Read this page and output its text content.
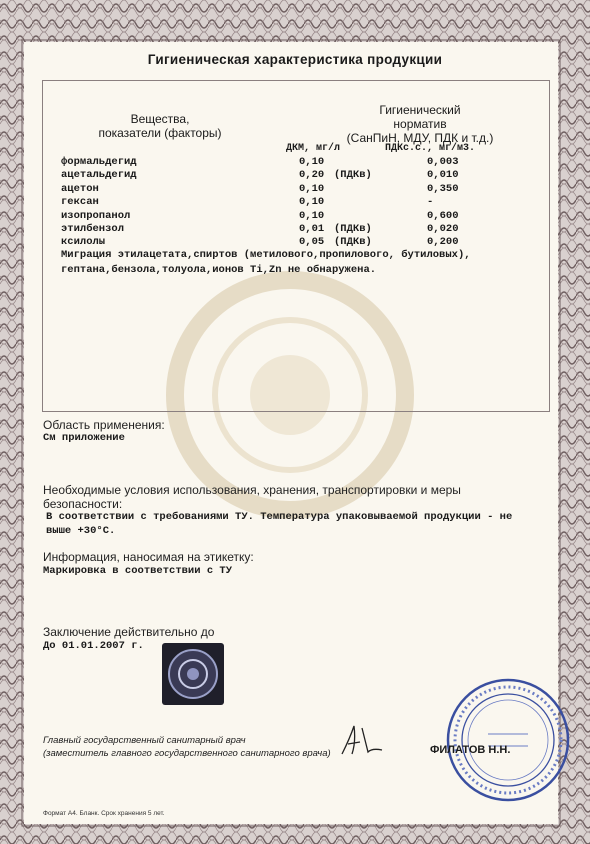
Гигиеническая характеристика продукции
Вещества,
показатели (факторы)
Гигиенический
норматив
(СанПиН, МДУ, ПДК и т.д.)
ДКМ, мг/л	ПДКс.с., мг/м3.
формальдегид	0,10	0,003
ацетальдегид	0,20 (ПДКв)	0,010
ацетон	0,10	0,350
гексан	0,10	-
изопропанол	0,10	0,600
этилбензол	0,01 (ПДКв)	0,020
ксилолы	0,05 (ПДКв)	0,200
Миграция этилацетата,спиртов (метилового,пропилового, бутиловых),
гептана,бензола,толуола,ионов Ti,Zn не обнаружена.
Область применения:
См приложение
Необходимые условия использования, хранения, транспортировки и меры
безопасности:
В соответствии с требованиями ТУ. Температура упаковываемой продукции - не
выше +30°С.
Информация, наносимая на этикетку:
Маркировка в соответствии с ТУ
Заключение действительно до
До 01.01.2007 г.
Главный государственный санитарный врач
(заместитель главного государственного санитарного врача)	ФИЛАТОВ Н.Н.
Формат А4. Бланк. Срок хранения 5 лет.
